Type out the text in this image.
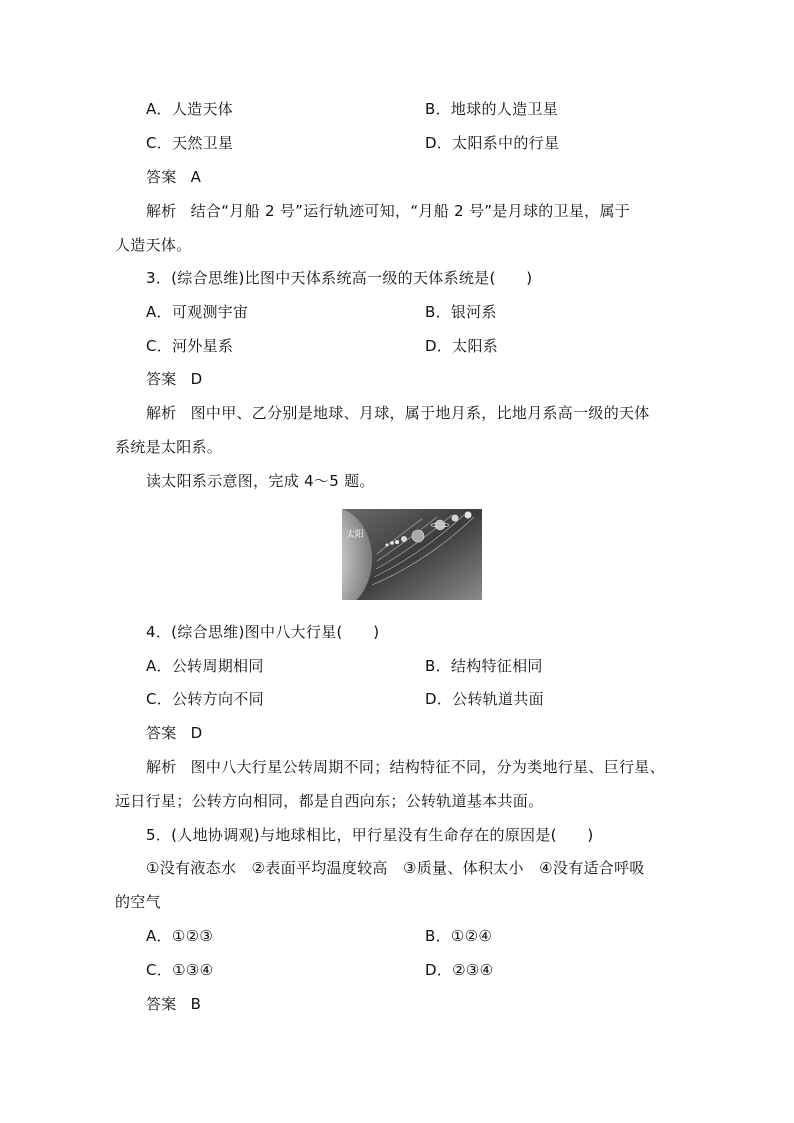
A．人造天体	B．地球的人造卫星
C．天然卫星	D．太阳系中的行星
答案 A
解析 结合“月船 2 号”运行轨迹可知，“月船 2 号”是月球的卫星，属于
人造天体。
3．(综合思维)比图中天体系统高一级的天体系统是(　　)
A．可观测宇宙	B．银河系
C．河外星系	D．太阳系
答案 D
解析 图中甲、乙分别是地球、月球，属于地月系，比地月系高一级的天体
系统是太阳系。
读太阳系示意图，完成 4～5 题。
太阳
4．(综合思维)图中八大行星(　　)
A．公转周期相同	B．结构特征相同
C．公转方向不同	D．公转轨道共面
答案 D
解析 图中八大行星公转周期不同；结构特征不同，分为类地行星、巨行星、
远日行星；公转方向相同，都是自西向东；公转轨道基本共面。
5．(人地协调观)与地球相比，甲行星没有生命存在的原因是(　　)
①没有液态水　②表面平均温度较高　③质量、体积太小　④没有适合呼吸
的空气
A．①②③	B．①②④
C．①③④	D．②③④
答案 B
